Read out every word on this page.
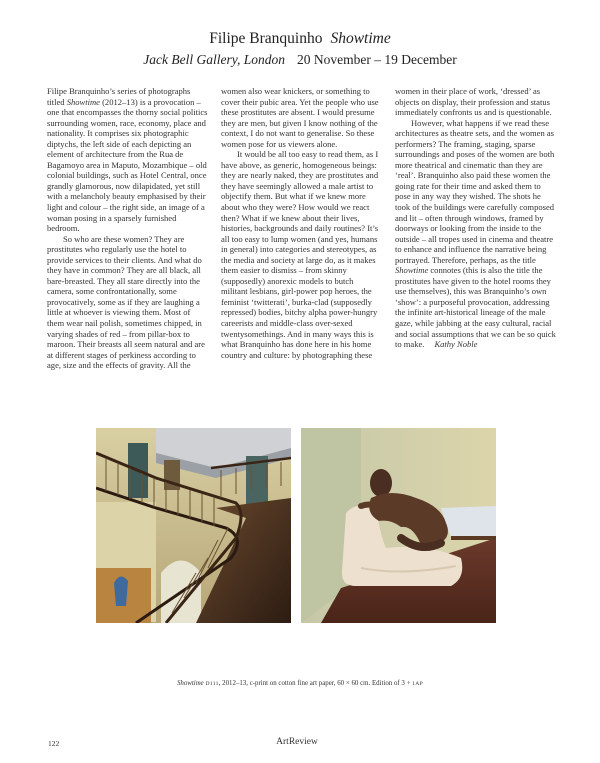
Filipe Branquinho Showtime
Jack Bell Gallery, London 20 November – 19 December

Filipe Branquinho’s series of photographs titled Showtime (2012–13) is a provocation – one that encompasses the thorny social politics surrounding women, race, economy, place and nationality. It comprises six photographic diptychs, the left side of each depicting an element of architecture from the Rua de Bagamoyo area in Maputo, Mozambique – old colonial buildings, such as Hotel Central, once grandly glamorous, now dilapidated, yet still with a melancholy beauty emphasised by their light and colour – the right side, an image of a woman posing in a sparsely furnished bedroom.

So who are these women? They are prostitutes who regularly use the hotel to provide services to their clients. And what do they have in common? They are all black, all bare-breasted. They all stare directly into the camera, some confrontationally, some provocatively, some as if they are laughing a little at whoever is viewing them. Most of them wear nail polish, sometimes chipped, in varying shades of red – from pillar-box to maroon. Their breasts all seem natural and are at different stages of perkiness according to age, size and the effects of gravity. All the

women also wear knickers, or something to cover their pubic area. Yet the people who use these prostitutes are absent. I would presume they are men, but given I know nothing of the context, I do not want to generalise. So these women pose for us viewers alone.

It would be all too easy to read them, as I have above, as generic, homogeneous beings: they are nearly naked, they are prostitutes and they have seemingly allowed a male artist to objectify them. But what if we knew more about who they were? How would we react then? What if we knew about their lives, histories, backgrounds and daily routines? It’s all too easy to lump women (and yes, humans in general) into categories and stereotypes, as the media and society at large do, as it makes them easier to dismiss – from skinny (supposedly) anorexic models to butch militant lesbians, girl-power pop heroes, the feminist ‘twitterati’, burka-clad (supposedly repressed) bodies, bitchy alpha power-hungry careerists and middle-class over-sexed twentysomethings. And in many ways this is what Branquinho has done here in his home country and culture: by photographing these

women in their place of work, ‘dressed’ as objects on display, their profession and status immediately confronts us and is questionable.

However, what happens if we read these architectures as theatre sets, and the women as performers? The framing, staging, sparse surroundings and poses of the women are both more theatrical and cinematic than they are ‘real’. Branquinho also paid these women the going rate for their time and asked them to pose in any way they wished. The shots he took of the buildings were carefully composed and lit – often through windows, framed by doorways or looking from the inside to the outside – all tropes used in cinema and theatre to enhance and influence the narrative being portrayed. Therefore, perhaps, as the title Showtime connotes (this is also the title the prostitutes have given to the hotel rooms they use themselves), this was Branquinho’s own ‘show’: a purposeful provocation, addressing the infinite art-historical lineage of the male gaze, while jabbing at the easy cultural, racial and social assumptions that we can be so quick to make. Kathy Noble

Showtime D111, 2012–13, c-print on cotton fine art paper, 60 × 60 cm. Edition of 3 + 1AP
122	ArtReview
